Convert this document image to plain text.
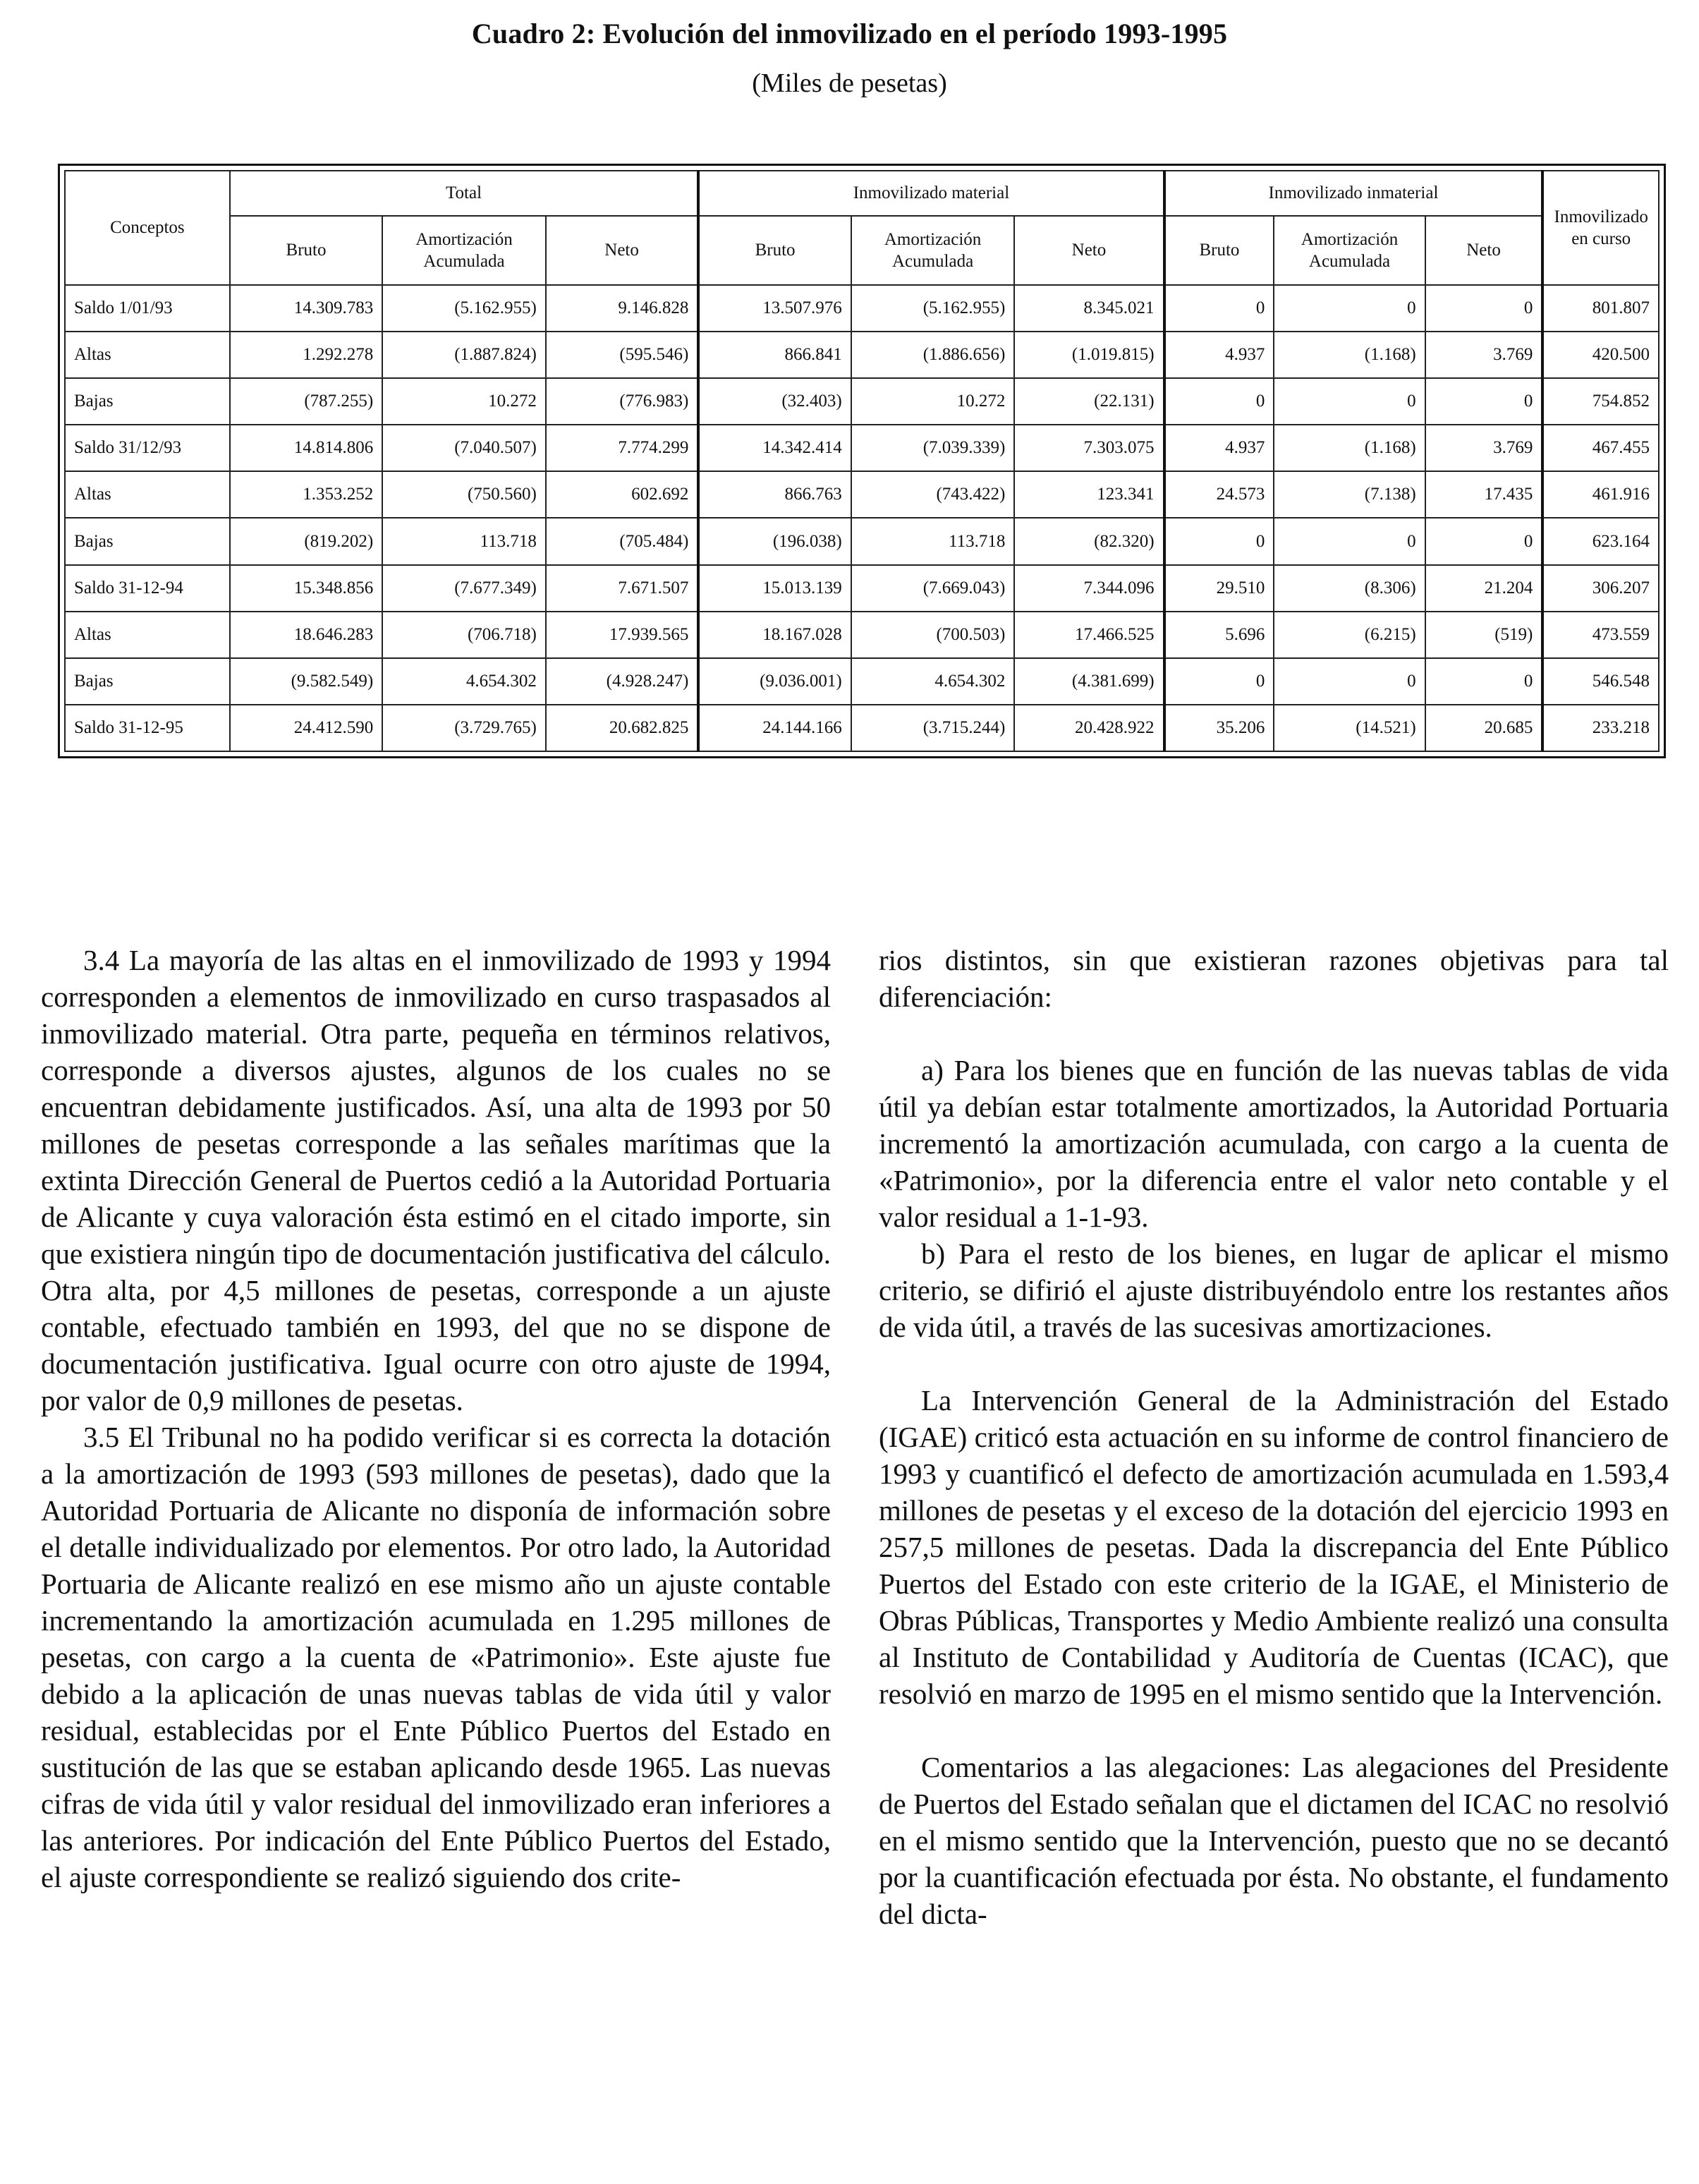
Cuadro 2: Evolución del inmovilizado en el período 1993-1995
(Miles de pesetas)
Conceptos	Total			Inmovilizado material			Inmovilizado inmaterial			Inmovilizado en curso
	Bruto	Amortización Acumulada	Neto	Bruto	Amortización Acumulada	Neto	Bruto	Amortización Acumulada	Neto	
Saldo 1/01/93	14.309.783	(5.162.955)	9.146.828	13.507.976	(5.162.955)	8.345.021	0	0	0	801.807
Altas	1.292.278	(1.887.824)	(595.546)	866.841	(1.886.656)	(1.019.815)	4.937	(1.168)	3.769	420.500
Bajas	(787.255)	10.272	(776.983)	(32.403)	10.272	(22.131)	0	0	0	754.852
Saldo 31/12/93	14.814.806	(7.040.507)	7.774.299	14.342.414	(7.039.339)	7.303.075	4.937	(1.168)	3.769	467.455
Altas	1.353.252	(750.560)	602.692	866.763	(743.422)	123.341	24.573	(7.138)	17.435	461.916
Bajas	(819.202)	113.718	(705.484)	(196.038)	113.718	(82.320)	0	0	0	623.164
Saldo 31-12-94	15.348.856	(7.677.349)	7.671.507	15.013.139	(7.669.043)	7.344.096	29.510	(8.306)	21.204	306.207
Altas	18.646.283	(706.718)	17.939.565	18.167.028	(700.503)	17.466.525	5.696	(6.215)	(519)	473.559
Bajas	(9.582.549)	4.654.302	(4.928.247)	(9.036.001)	4.654.302	(4.381.699)	0	0	0	546.548
Saldo 31-12-95	24.412.590	(3.729.765)	20.682.825	24.144.166	(3.715.244)	20.428.922	35.206	(14.521)	20.685	233.218

3.4 La mayoría de las altas en el inmovilizado de 1993 y 1994 corresponden a elementos de inmovilizado en curso traspasados al inmovilizado material. Otra parte, pequeña en términos relativos, corresponde a diversos ajustes, algunos de los cuales no se encuentran debidamente justificados. Así, una alta de 1993 por 50 millones de pesetas corresponde a las señales marítimas que la extinta Dirección General de Puertos cedió a la Autoridad Portuaria de Alicante y cuya valoración ésta estimó en el citado importe, sin que existiera ningún tipo de documentación justificativa del cálculo. Otra alta, por 4,5 millones de pesetas, corresponde a un ajuste contable, efectuado también en 1993, del que no se dispone de documentación justificativa. Igual ocurre con otro ajuste de 1994, por valor de 0,9 millones de pesetas.

3.5 El Tribunal no ha podido verificar si es correcta la dotación a la amortización de 1993 (593 millones de pesetas), dado que la Autoridad Portuaria de Alicante no disponía de información sobre el detalle individualizado por elementos. Por otro lado, la Autoridad Portuaria de Alicante realizó en ese mismo año un ajuste contable incrementando la amortización acumulada en 1.295 millones de pesetas, con cargo a la cuenta de «Patrimonio». Este ajuste fue debido a la aplicación de unas nuevas tablas de vida útil y valor residual, establecidas por el Ente Público Puertos del Estado en sustitución de las que se estaban aplicando desde 1965. Las nuevas cifras de vida útil y valor residual del inmovilizado eran inferiores a las anteriores. Por indicación del Ente Público Puertos del Estado, el ajuste correspondiente se realizó siguiendo dos crite-

rios distintos, sin que existieran razones objetivas para tal diferenciación:

a) Para los bienes que en función de las nuevas tablas de vida útil ya debían estar totalmente amortizados, la Autoridad Portuaria incrementó la amortización acumulada, con cargo a la cuenta de «Patrimonio», por la diferencia entre el valor neto contable y el valor residual a 1-1-93.

b) Para el resto de los bienes, en lugar de aplicar el mismo criterio, se difirió el ajuste distribuyéndolo entre los restantes años de vida útil, a través de las sucesivas amortizaciones.

La Intervención General de la Administración del Estado (IGAE) criticó esta actuación en su informe de control financiero de 1993 y cuantificó el defecto de amortización acumulada en 1.593,4 millones de pesetas y el exceso de la dotación del ejercicio 1993 en 257,5 millones de pesetas. Dada la discrepancia del Ente Público Puertos del Estado con este criterio de la IGAE, el Ministerio de Obras Públicas, Transportes y Medio Ambiente realizó una consulta al Instituto de Contabilidad y Auditoría de Cuentas (ICAC), que resolvió en marzo de 1995 en el mismo sentido que la Intervención.

Comentarios a las alegaciones: Las alegaciones del Presidente de Puertos del Estado señalan que el dictamen del ICAC no resolvió en el mismo sentido que la Intervención, puesto que no se decantó por la cuantificación efectuada por ésta. No obstante, el fundamento del dicta-
